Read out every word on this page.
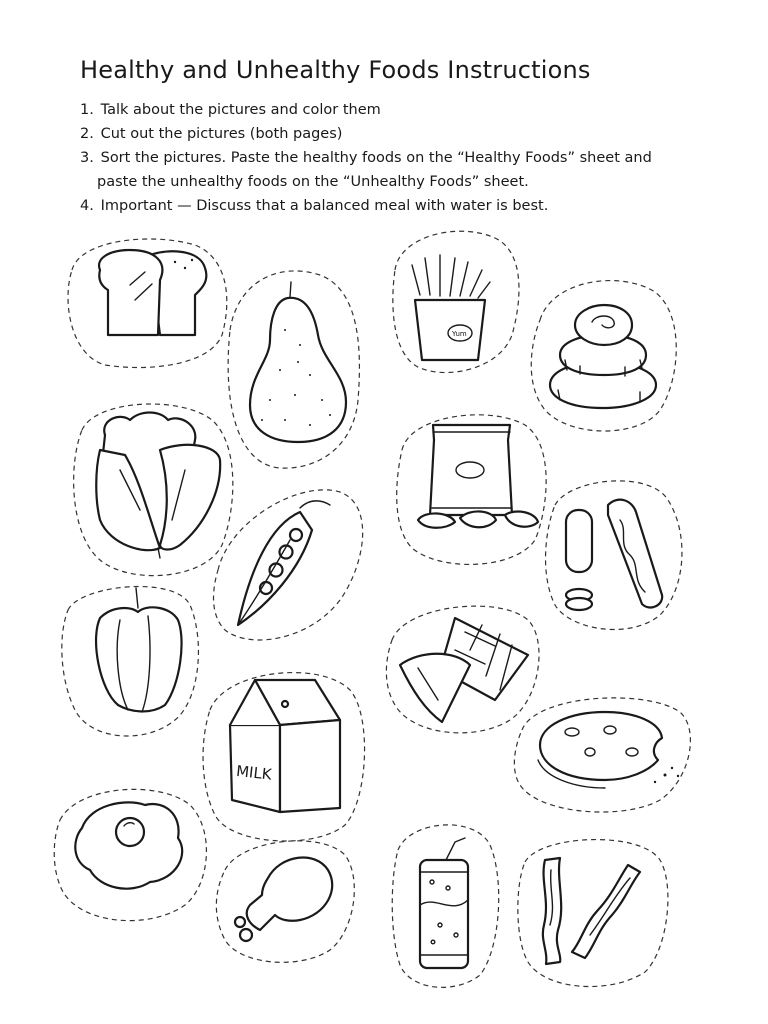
Healthy and Unhealthy Foods Instructions
1. Talk about the pictures and color them
2. Cut out the pictures (both pages)
3. Sort the pictures. Paste the healthy foods on the “Healthy Foods” sheet and
paste the unhealthy foods on the “Unhealthy Foods” sheet.
4. Important — Discuss that a balanced meal with water is best.
Yum
MILK
